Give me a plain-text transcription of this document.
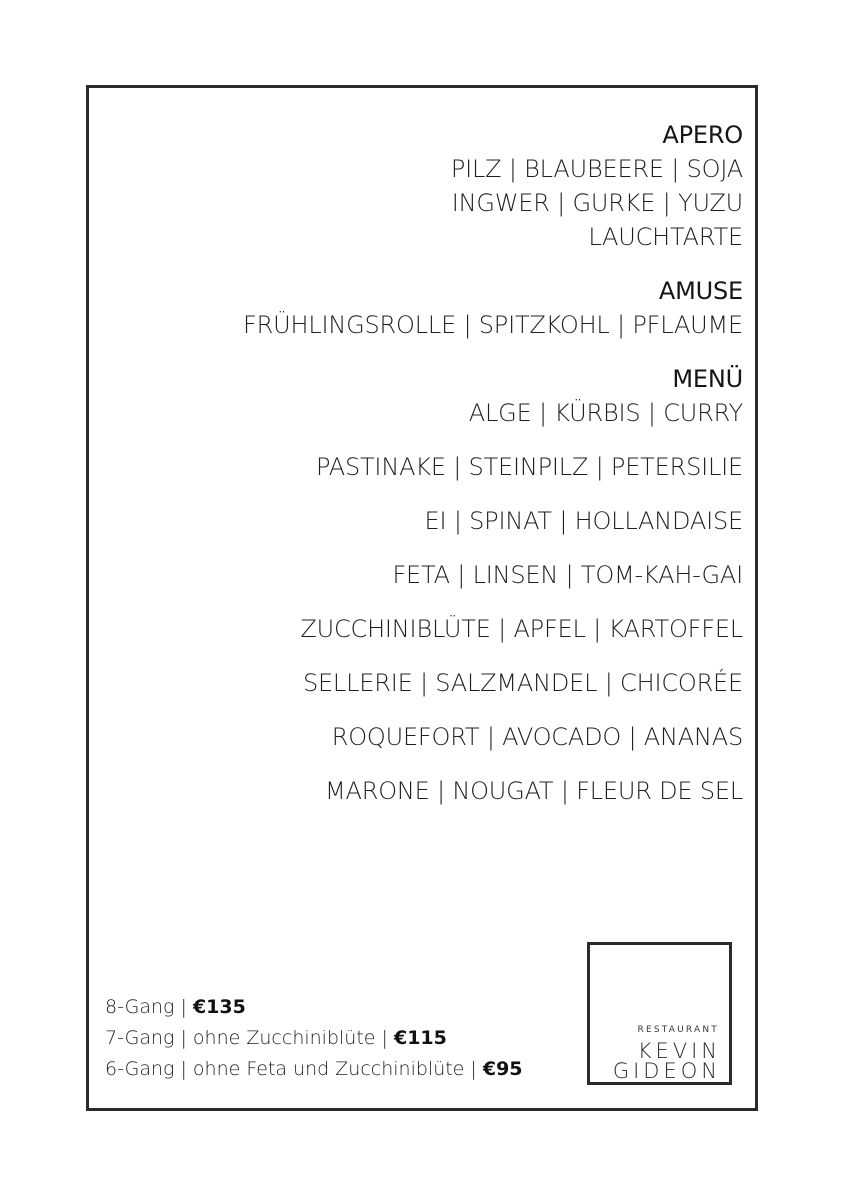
APERO
PILZ | BLAUBEERE | SOJA
INGWER | GURKE | YUZU
LAUCHTARTE
AMUSE
FRÜHLINGSROLLE | SPITZKOHL | PFLAUME
MENÜ
ALGE | KÜRBIS | CURRY
PASTINAKE | STEINPILZ | PETERSILIE
EI | SPINAT | HOLLANDAISE
FETA | LINSEN | TOM-KAH-GAI
ZUCCHINIBLÜTE | APFEL | KARTOFFEL
SELLERIE | SALZMANDEL | CHICORÉE
ROQUEFORT | AVOCADO | ANANAS
MARONE | NOUGAT | FLEUR DE SEL
8-Gang | €135
7-Gang | ohne Zucchiniblüte | €115
6-Gang | ohne Feta und Zucchiniblüte | €95
RESTAURANT
KEVIN
GIDEON
